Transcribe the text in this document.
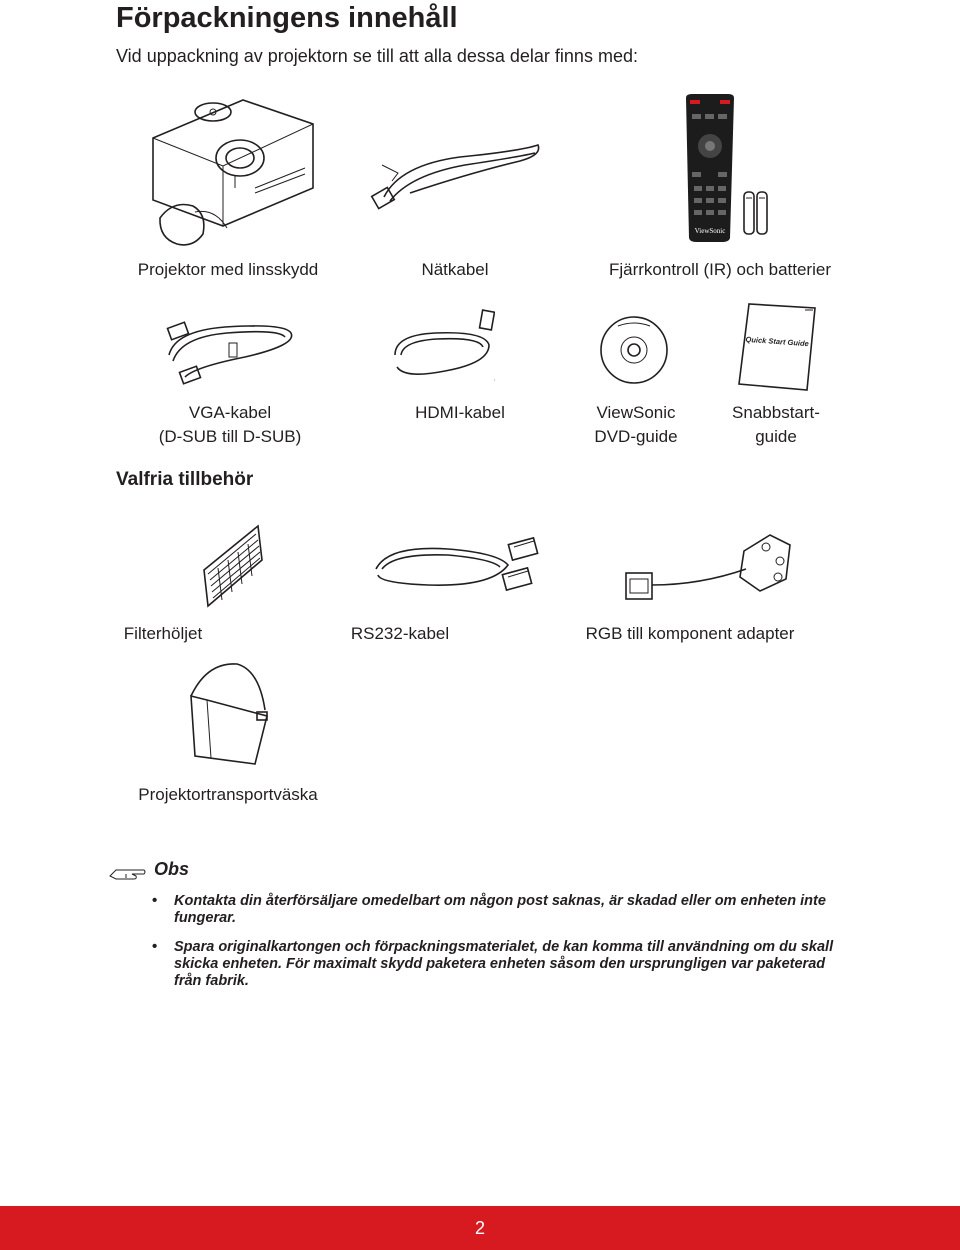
Förpackningens innehåll
Vid uppackning av projektorn se till att alla dessa delar finns med:
ViewSonic
Projektor med linsskydd	Nätkabel	Fjärrkontroll (IR) och batterier
Quick Start Guide
VGA-kabel
(D-SUB till D-SUB)
HDMI-kabel	ViewSonic
DVD-guide
Snabbstart-
guide
Valfria tillbehör
Filterhöljet	RS232-kabel	RGB till komponent adapter
Projektortransportväska
Obs
• Kontakta din återförsäljare omedelbart om någon post saknas, är skadad eller om enheten inte fungerar.
• Spara originalkartongen och förpackningsmaterialet, de kan komma till användning om du skall skicka enheten. För maximalt skydd paketera enheten såsom den ursprungligen var paketerad från fabrik.
2
